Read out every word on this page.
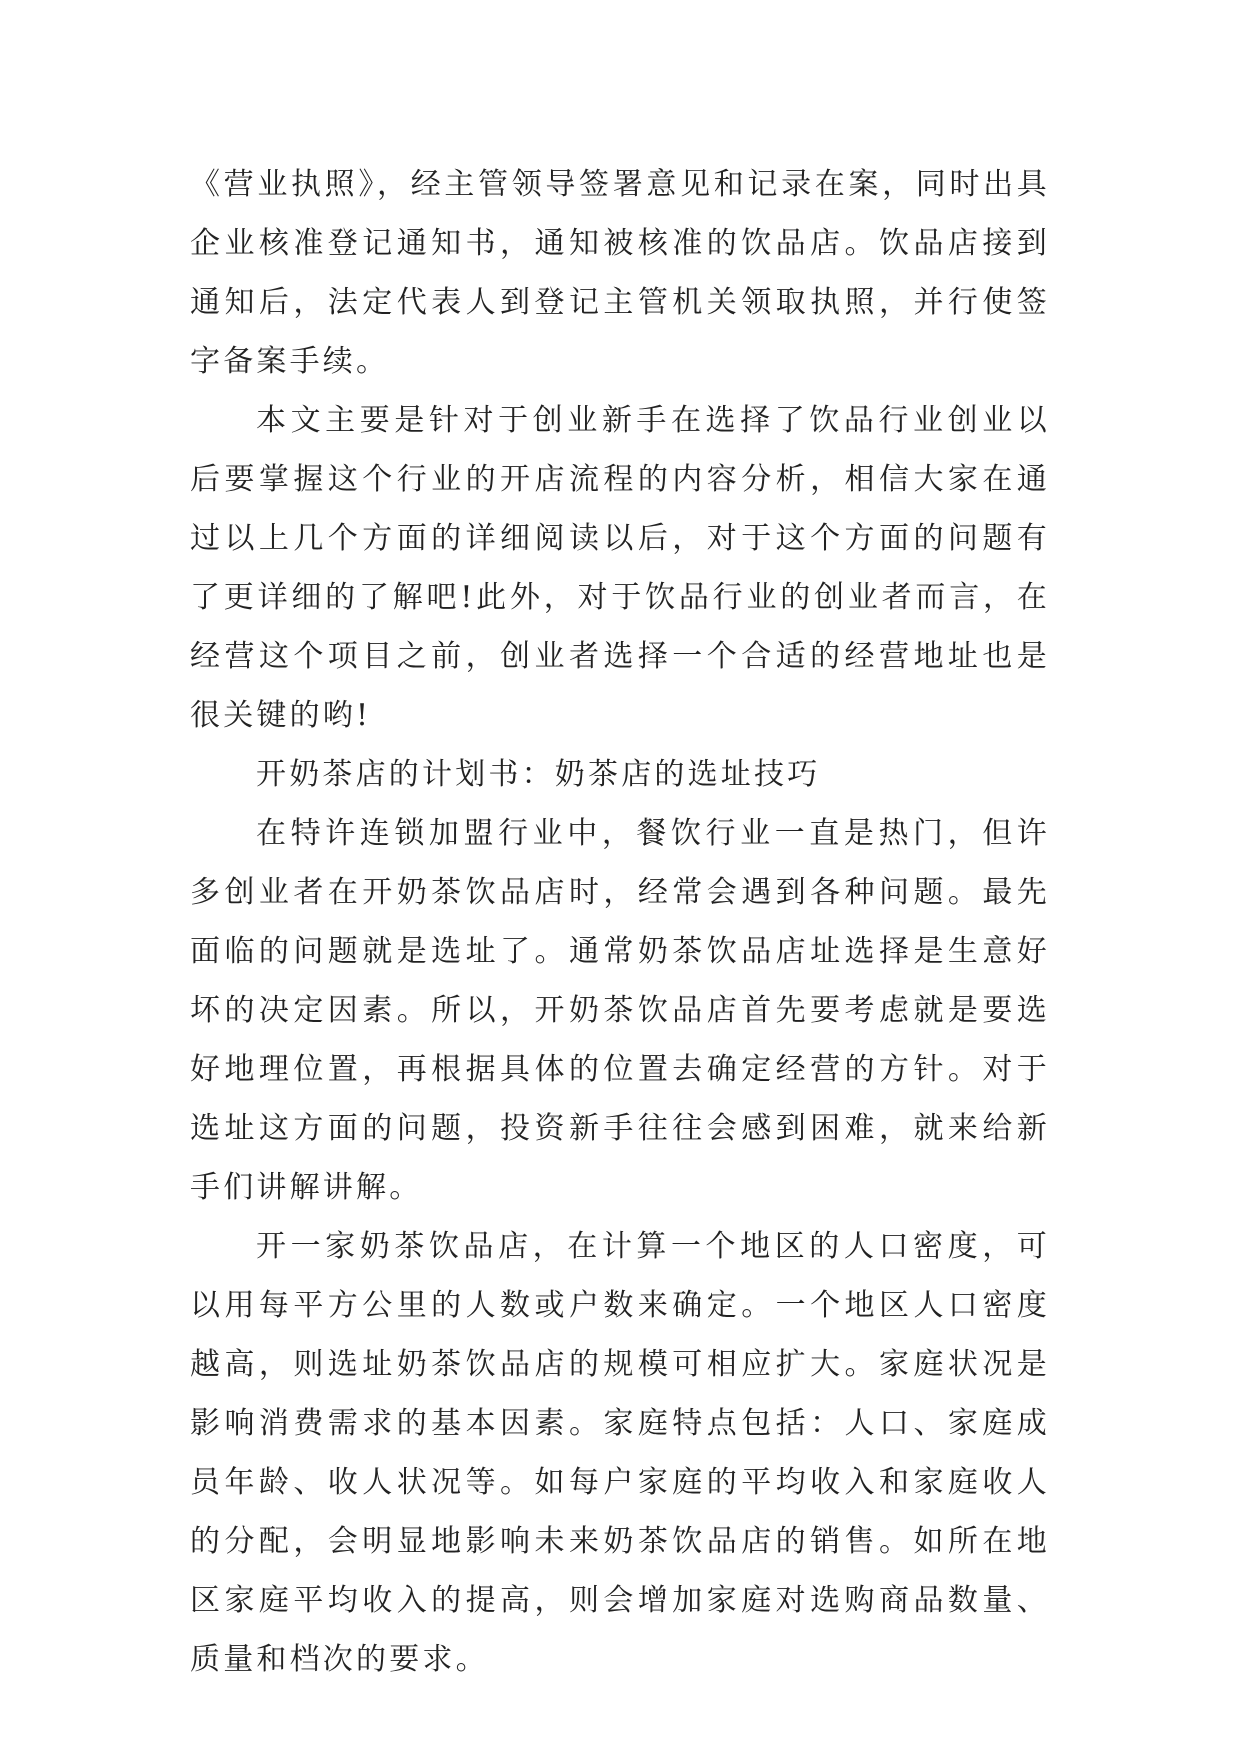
《营业执照》，经主管领导签署意见和记录在案，同时出具企业核准登记通知书，通知被核准的饮品店。饮品店接到通知后，法定代表人到登记主管机关领取执照，并行使签字备案手续。

本文主要是针对于创业新手在选择了饮品行业创业以后要掌握这个行业的开店流程的内容分析，相信大家在通过以上几个方面的详细阅读以后，对于这个方面的问题有了更详细的了解吧!此外，对于饮品行业的创业者而言，在经营这个项目之前，创业者选择一个合适的经营地址也是很关键的哟!

开奶茶店的计划书：奶茶店的选址技巧

在特许连锁加盟行业中，餐饮行业一直是热门，但许多创业者在开奶茶饮品店时，经常会遇到各种问题。最先面临的问题就是选址了。通常奶茶饮品店址选择是生意好坏的决定因素。所以，开奶茶饮品店首先要考虑就是要选好地理位置，再根据具体的位置去确定经营的方针。对于选址这方面的问题，投资新手往往会感到困难，就来给新手们讲解讲解。

开一家奶茶饮品店，在计算一个地区的人口密度，可以用每平方公里的人数或户数来确定。一个地区人口密度越高，则选址奶茶饮品店的规模可相应扩大。家庭状况是影响消费需求的基本因素。家庭特点包括：人口、家庭成员年龄、收人状况等。如每户家庭的平均收入和家庭收人的分配，会明显地影响未来奶茶饮品店的销售。如所在地区家庭平均收入的提高，则会增加家庭对选购商品数量、质量和档次的要求。
